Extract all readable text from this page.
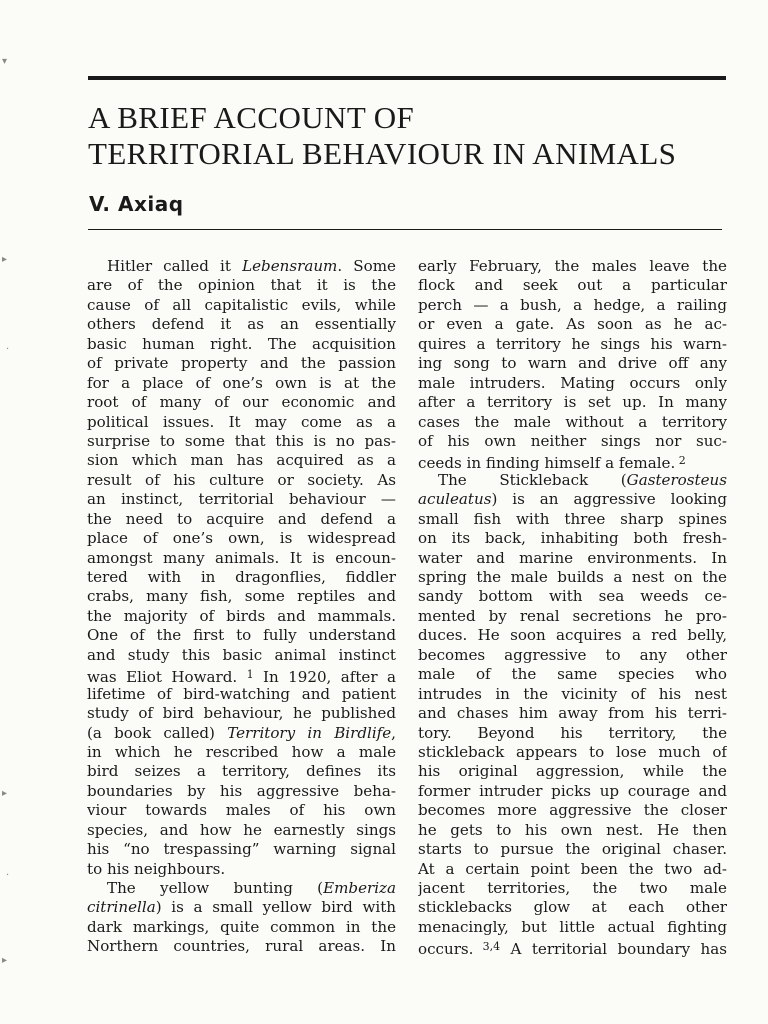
A BRIEF ACCOUNT OF
TERRITORIAL BEHAVIOUR IN ANIMALS
V. Axiaq
Hitler called it Lebensraum. Some
are of the opinion that it is the
cause of all capitalistic evils, while
others defend it as an essentially
basic human right. The acquisition
of private property and the passion
for a place of one’s own is at the
root of many of our economic and
political issues. It may come as a
surprise to some that this is no pas-
sion which man has acquired as a
result of his culture or society. As
an instinct, territorial behaviour —
the need to acquire and defend a
place of one’s own, is widespread
amongst many animals. It is encoun-
tered with in dragonflies, fiddler
crabs, many fish, some reptiles and
the majority of birds and mammals.
One of the first to fully understand
and study this basic animal instinct
was Eliot Howard. $^1$ In 1920, after a
lifetime of bird-watching and patient
study of bird behaviour, he published
(a book called) Territory in Birdlife,
in which he rescribed how a male
bird seizes a territory, defines its
boundaries by his aggressive beha-
viour towards males of his own
species, and how he earnestly sings
his “no trespassing” warning signal
to his neighbours.
The yellow bunting (Emberiza
citrinella) is a small yellow bird with
dark markings, quite common in the
Northern countries, rural areas. In
early February, the males leave the
flock and seek out a particular
perch — a bush, a hedge, a railing
or even a gate. As soon as he ac-
quires a territory he sings his warn-
ing song to warn and drive off any
male intruders. Mating occurs only
after a territory is set up. In many
cases the male without a territory
of his own neither sings nor suc-
ceeds in finding himself a female. $^2$
The Stickleback (Gasterosteus
aculeatus) is an aggressive looking
small fish with three sharp spines
on its back, inhabiting both fresh-
water and marine environments. In
spring the male builds a nest on the
sandy bottom with sea weeds ce-
mented by renal secretions he pro-
duces. He soon acquires a red belly,
becomes aggressive to any other
male of the same species who
intrudes in the vicinity of his nest
and chases him away from his terri-
tory. Beyond his territory, the
stickleback appears to lose much of
his original aggression, while the
former intruder picks up courage and
becomes more aggressive the closer
he gets to his own nest. He then
starts to pursue the original chaser.
At a certain point been the two ad-
jacent territories, the two male
sticklebacks glow at each other
menacingly, but little actual fighting
occurs. $^{3,4}$ A territorial boundary has
▾
▸
·
▸
·
▸
